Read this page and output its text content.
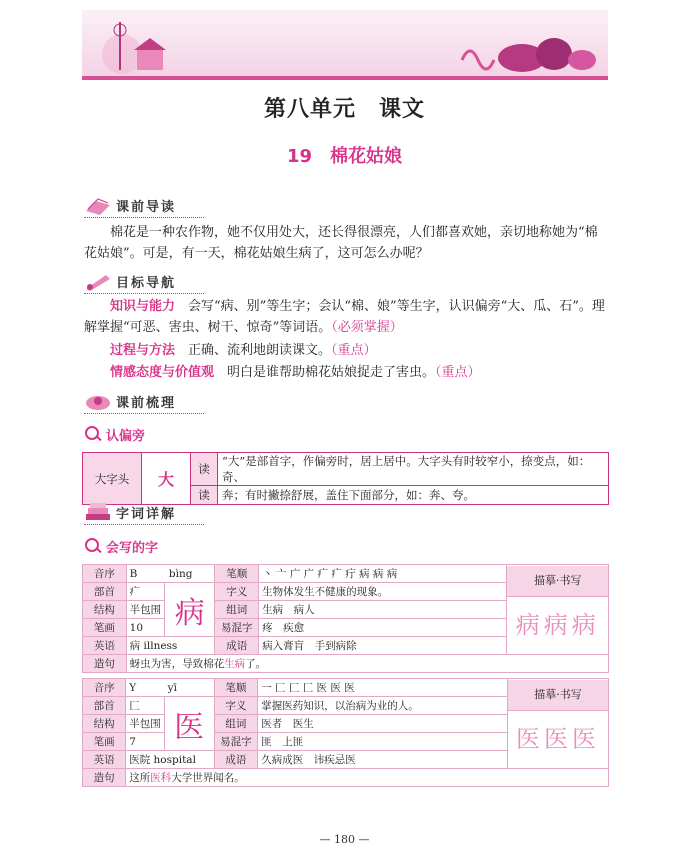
第八单元　课文
19　棉花姑娘
课前导读
棉花是一种农作物，她不仅用处大，还长得很漂亮，人们都喜欢她，亲切地称她为“棉花姑娘”。可是，有一天，棉花姑娘生病了，这可怎么办呢？
目标导航
知识与能力　 会写“病、别”等生字；会认“棉、娘”等生字，认识偏旁“大、瓜、石”。理解掌握“可恶、害虫、树干、惊奇”等词语。（必须掌握）
过程与方法　 正确、流利地朗读课文。（重点）
情感态度与价值观　 明白是谁帮助棉花姑娘捉走了害虫。（重点）
课前梳理
认偏旁
大字头	大	读	“大”是部首字，作偏旁时，居上居中。大字头有时较窄小，捺变点，如：奇、
		读	奔；有时撇捺舒展，盖住下面部分，如：奔、夸。
字词详解
会写的字
音序	B　　　 bìng		笔顺	丶 亠 广 广 疒 疒 疔 病 病 病	描摹·书写
病病病

部首	疒	病	字义	生物体发生不健康的现象。	
结构	半包围		组词	生病　病人	
笔画	10		易混字	疼　疾愈	
英语	病 illness		成语	病入膏肓　手到病除	
造句	蚜虫为害，导致棉花生病了。				
音序	Y　　　 yī		笔顺	一 匚 匚 匚 医 医 医	描摹·书写
医医医

部首	匚	医	字义	掌握医药知识，以治病为业的人。	
结构	半包围		组词	医者　医生	
笔画	7		易混字	匪　上匪	
英语	医院 hospital		成语	久病成医　讳疾忌医	
造句	这所医科大学世界闻名。				
— 180 —
